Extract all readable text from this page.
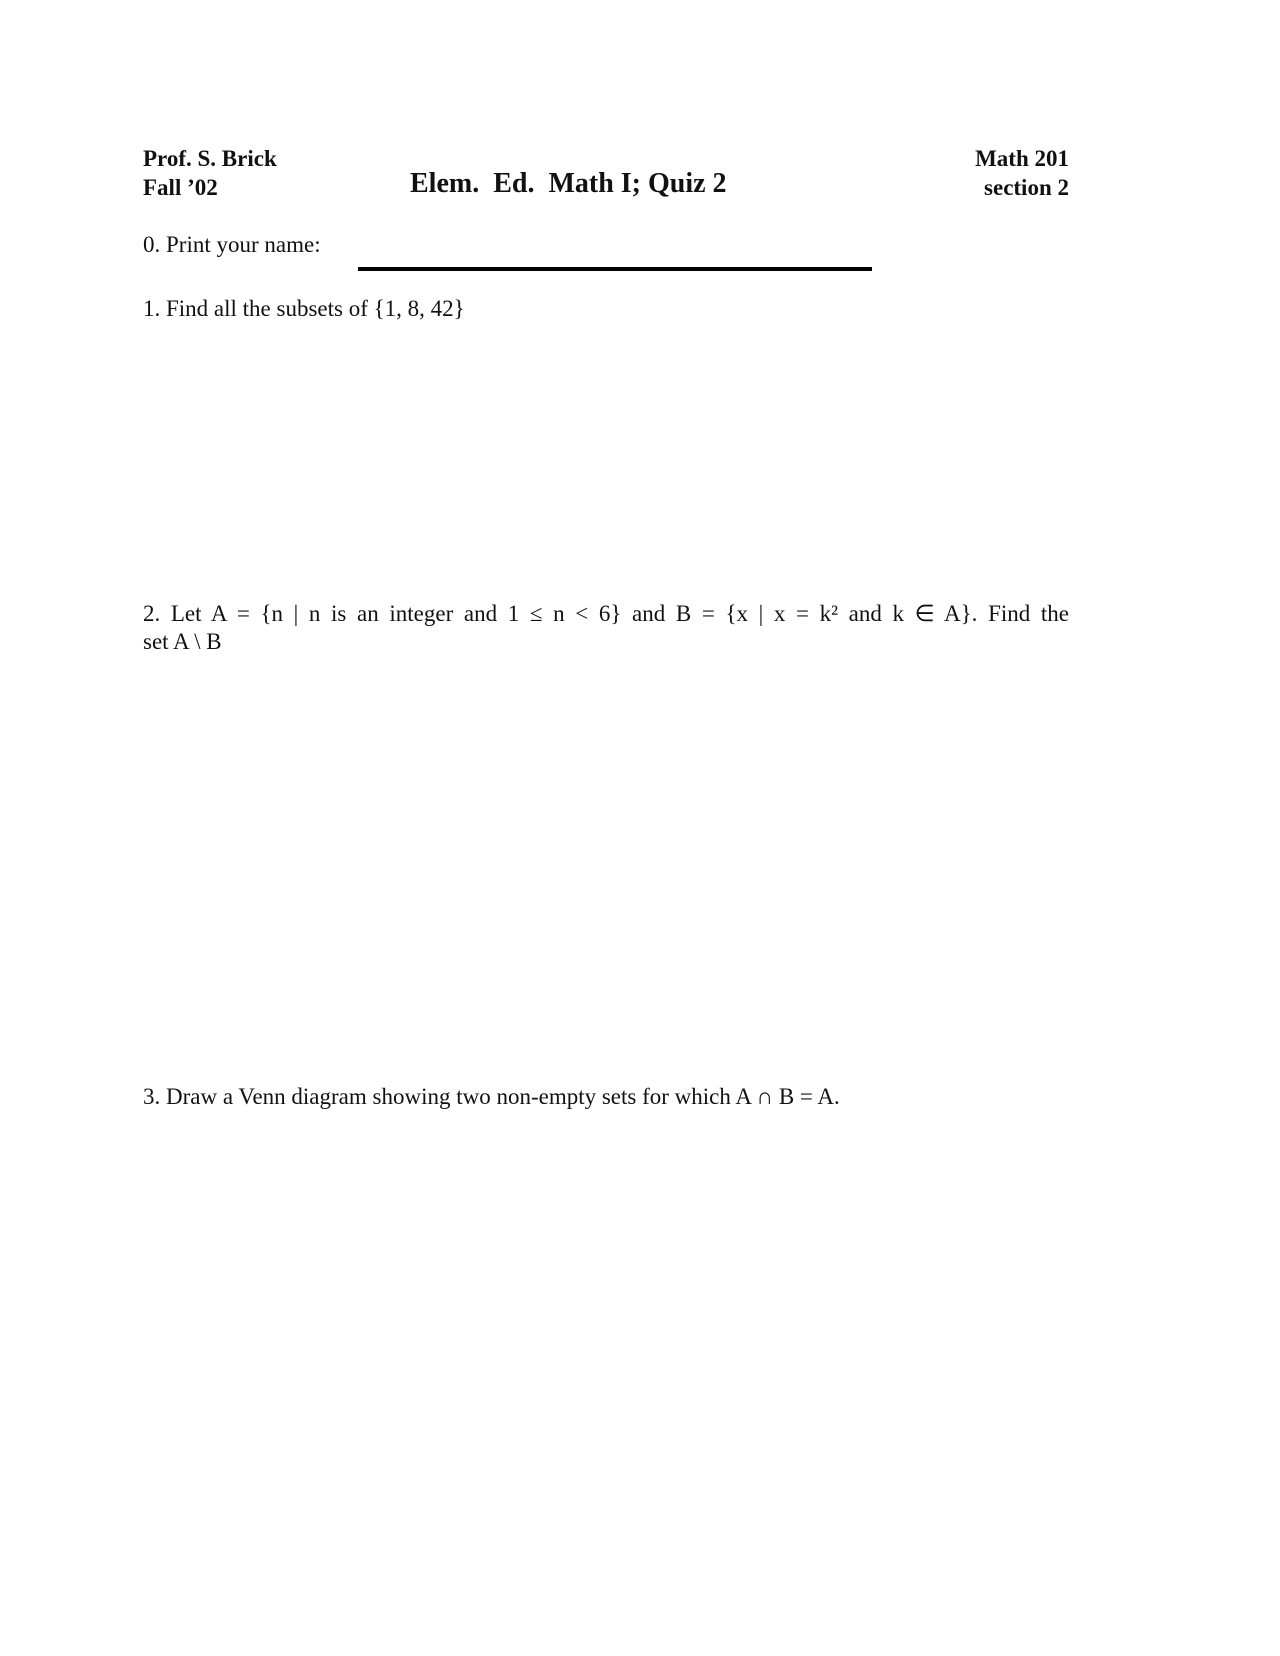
Prof. S. Brick
Fall ’02	Elem.  Ed.  Math I; Quiz 2
Math 201
section 2
0. Print your name:
1. Find all the subsets of {1, 8, 42}
2. Let A = {n | n is an integer and 1 ≤ n < 6} and B = {x | x = k² and k ∈ A}. Find the
set A \ B
3. Draw a Venn diagram showing two non-empty sets for which A ∩ B = A.
